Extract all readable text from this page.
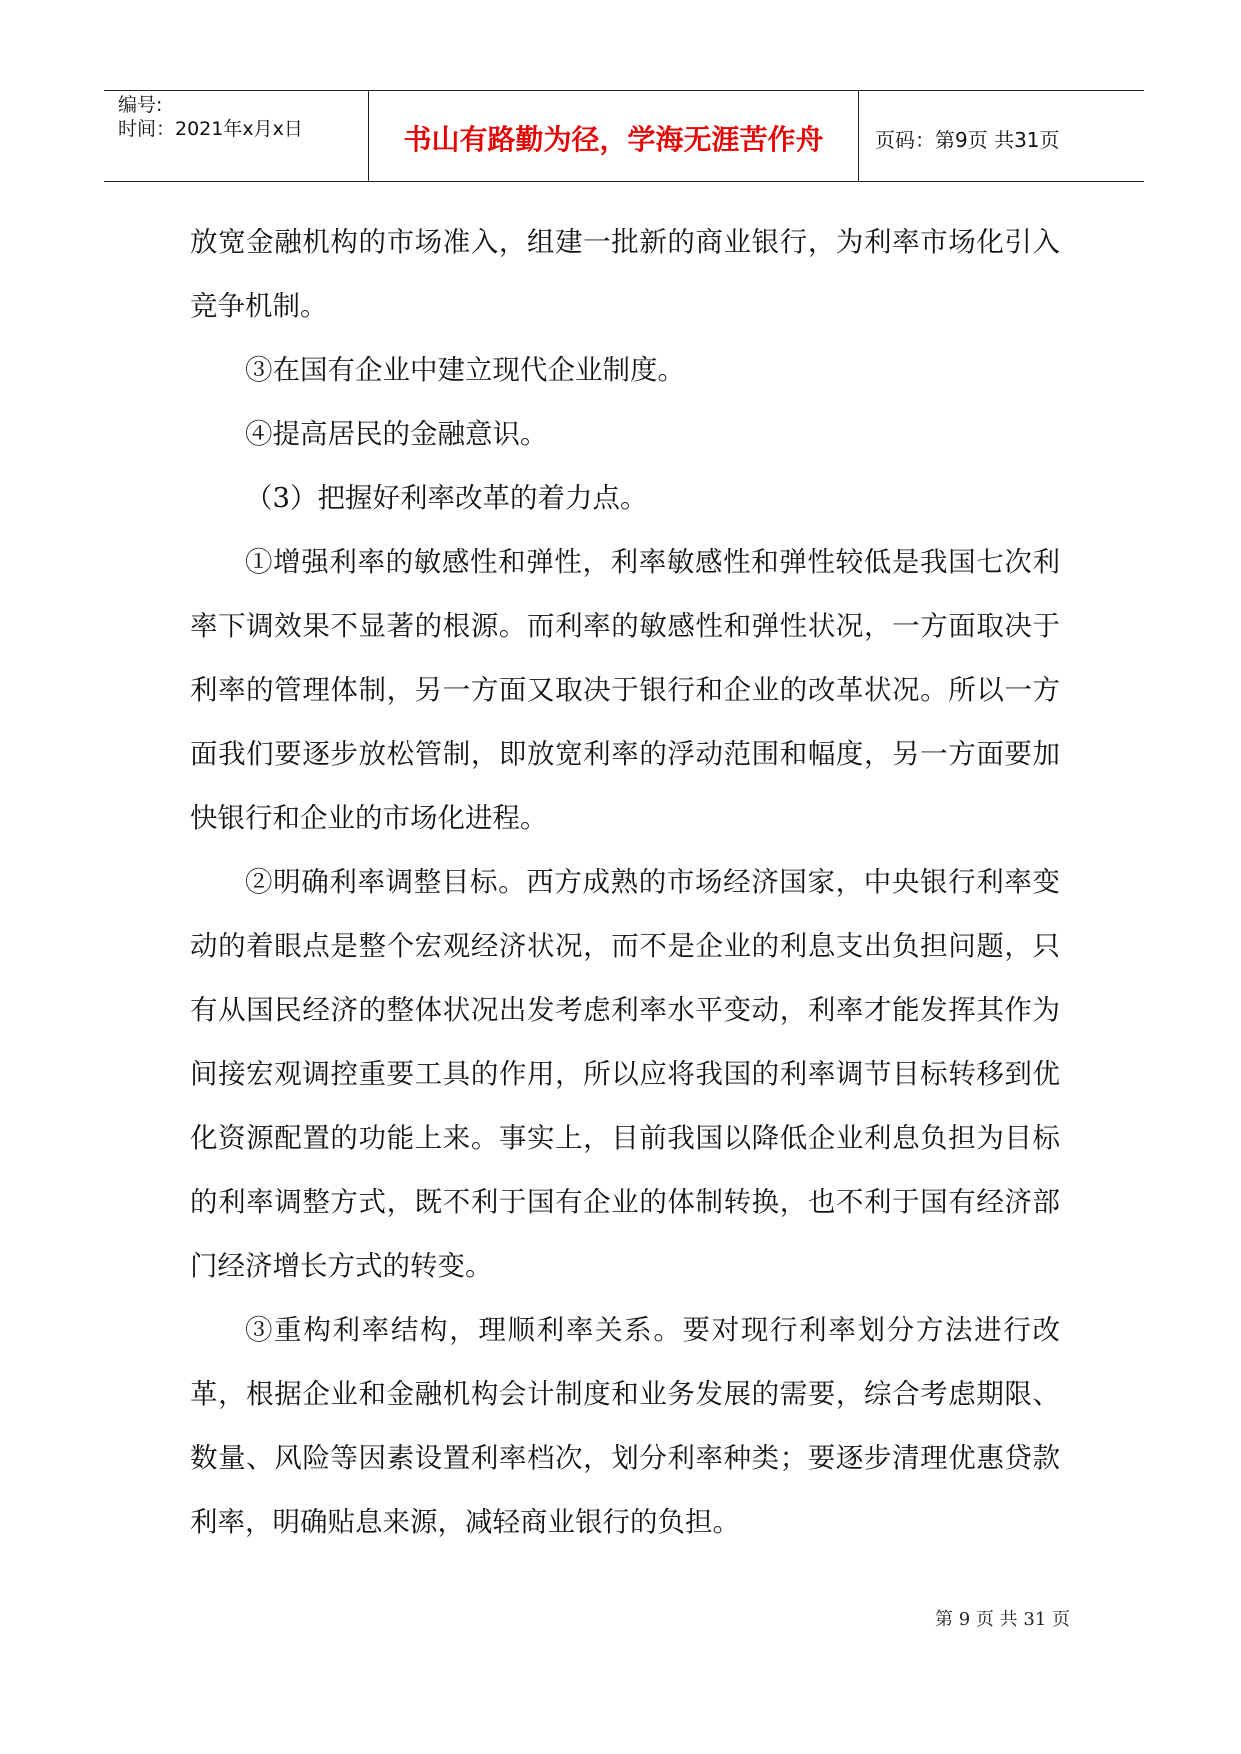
编号:
时间：2021年x月x日	书山有路勤为径，学海无涯苦作舟	页码：第9页 共31页

放宽金融机构的市场准入，组建一批新的商业银行，为利率市场化引入竞争机制。

③在国有企业中建立现代企业制度。

④提高居民的金融意识。

（3）把握好利率改革的着力点。

①增强利率的敏感性和弹性，利率敏感性和弹性较低是我国七次利率下调效果不显著的根源。而利率的敏感性和弹性状况，一方面取决于利率的管理体制，另一方面又取决于银行和企业的改革状况。所以一方面我们要逐步放松管制，即放宽利率的浮动范围和幅度，另一方面要加快银行和企业的市场化进程。

②明确利率调整目标。西方成熟的市场经济国家，中央银行利率变动的着眼点是整个宏观经济状况，而不是企业的利息支出负担问题，只有从国民经济的整体状况出发考虑利率水平变动，利率才能发挥其作为间接宏观调控重要工具的作用，所以应将我国的利率调节目标转移到优化资源配置的功能上来。事实上，目前我国以降低企业利息负担为目标的利率调整方式，既不利于国有企业的体制转换，也不利于国有经济部门经济增长方式的转变。

③重构利率结构，理顺利率关系。要对现行利率划分方法进行改革，根据企业和金融机构会计制度和业务发展的需要，综合考虑期限、数量、风险等因素设置利率档次，划分利率种类；要逐步清理优惠贷款利率，明确贴息来源，减轻商业银行的负担。

第 9 页 共 31 页
